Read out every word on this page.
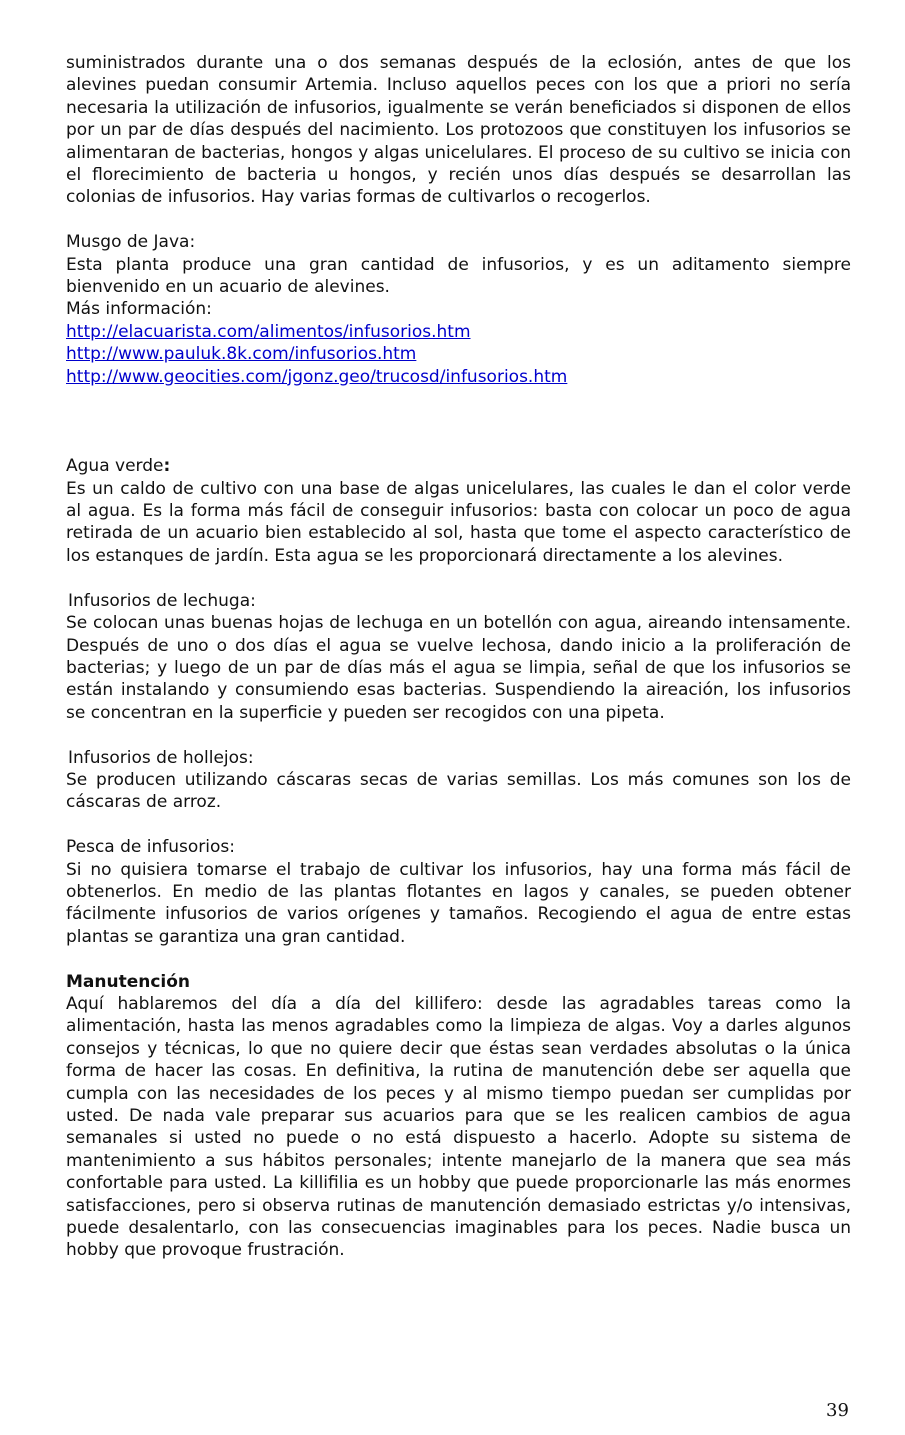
suministrados durante una o dos semanas después de la eclosión, antes de que los alevines puedan consumir Artemia. Incluso aquellos peces con los que a priori no sería necesaria la utilización de infusorios, igualmente se verán beneficiados si disponen de ellos por un par de días después del nacimiento. Los protozoos que constituyen los infusorios se alimentaran de bacterias, hongos y algas unicelulares. El proceso de su cultivo se inicia con el florecimiento de bacteria u hongos, y recién unos días después se desarrollan las colonias de infusorios. Hay varias formas de cultivarlos o recogerlos.

Musgo de Java:

Esta planta produce una gran cantidad de infusorios, y es un aditamento siempre bienvenido en un acuario de alevines.

Más información:

http://elacuarista.com/alimentos/infusorios.htm
http://www.pauluk.8k.com/infusorios.htm
http://www.geocities.com/jgonz.geo/trucosd/infusorios.htm

Agua verde:

Es un caldo de cultivo con una base de algas unicelulares, las cuales le dan el color verde al agua. Es la forma más fácil de conseguir infusorios: basta con colocar un poco de agua retirada de un acuario bien establecido al sol, hasta que tome el aspecto característico de los estanques de jardín. Esta agua se les proporcionará directamente a los alevines.

Infusorios de lechuga:

Se colocan unas buenas hojas de lechuga en un botellón con agua, aireando intensamente. Después de uno o dos días el agua se vuelve lechosa, dando inicio a la proliferación de bacterias; y luego de un par de días más el agua se limpia, señal de que los infusorios se están instalando y consumiendo esas bacterias. Suspendiendo la aireación, los infusorios se concentran en la superficie y pueden ser recogidos con una pipeta.

Infusorios de hollejos:

Se producen utilizando cáscaras secas de varias semillas. Los más comunes son los de cáscaras de arroz.

Pesca de infusorios:

Si no quisiera tomarse el trabajo de cultivar los infusorios, hay una forma más fácil de obtenerlos. En medio de las plantas flotantes en lagos y canales, se pueden obtener fácilmente infusorios de varios orígenes y tamaños. Recogiendo el agua de entre estas plantas se garantiza una gran cantidad.

Manutención

Aquí hablaremos del día a día del killifero: desde las agradables tareas como la alimentación, hasta las menos agradables como la limpieza de algas. Voy a darles algunos consejos y técnicas, lo que no quiere decir que éstas sean verdades absolutas o la única forma de hacer las cosas. En definitiva, la rutina de manutención debe ser aquella que cumpla con las necesidades de los peces y al mismo tiempo puedan ser cumplidas por usted. De nada vale preparar sus acuarios para que se les realicen cambios de agua semanales si usted no puede o no está dispuesto a hacerlo. Adopte su sistema de mantenimiento a sus hábitos personales; intente manejarlo de la manera que sea más confortable para usted. La killifilia es un hobby que puede proporcionarle las más enormes satisfacciones, pero si observa rutinas de manutención demasiado estrictas y/o intensivas, puede desalentarlo, con las consecuencias imaginables para los peces. Nadie busca un hobby que provoque frustración.

39
